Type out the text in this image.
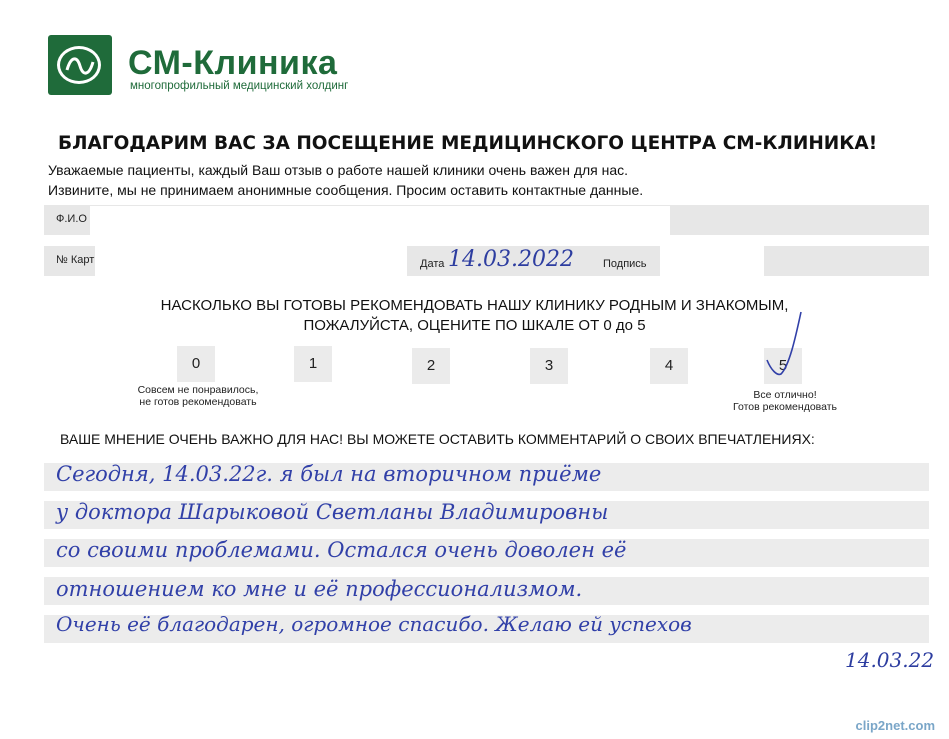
СМ-Клиника
многопрофильный медицинский холдинг
БЛАГОДАРИМ ВАС ЗА ПОСЕЩЕНИЕ МЕДИЦИНСКОГО ЦЕНТРА СМ-КЛИНИКА!
Уважаемые пациенты, каждый Ваш отзыв о работе нашей клиники очень важен для нас.
Извините, мы не принимаем анонимные сообщения. Просим оставить контактные данные.
Ф.И.О
№ Карт	Дата 14.03.2022	Подпись
НАСКОЛЬКО ВЫ ГОТОВЫ РЕКОМЕНДОВАТЬ НАШУ КЛИНИКУ РОДНЫМ И ЗНАКОМЫМ,
ПОЖАЛУЙСТА, ОЦЕНИТЕ ПО ШКАЛЕ ОТ 0 до 5
0	1	2	3	4	5
Совсем не понравилось,
не готов рекомендовать
Все отлично!
Готов рекомендовать
ВАШЕ МНЕНИЕ ОЧЕНЬ ВАЖНО ДЛЯ НАС! ВЫ МОЖЕТЕ ОСТАВИТЬ КОММЕНТАРИЙ О СВОИХ ВПЕЧАТЛЕНИЯХ:
Сегодня, 14.03.22г. я был на вторичном приёме
у доктора Шарыковой Светланы Владимировны
со своими проблемами. Остался очень доволен её
отношением ко мне и её профессионализмом.
Очень её благодарен, огромное спасибо. Желаю ей успехов
14.03.22
clip2net.com
